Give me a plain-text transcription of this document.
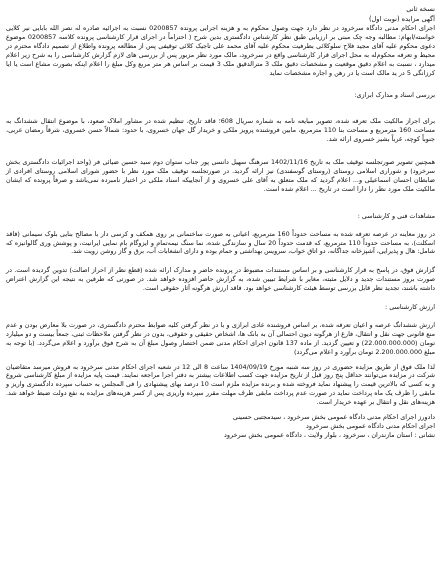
نسخه ثانی
آگهی مزایده (نوبت اول)

اجرای احکام مدنی دادگاه سرخرود در نظر دارد جهت وصول محکوم به و هزینه اجرایی پرونده 0200857 نسبت به اجرائیه صادره له نصر الله بابایی نیر کلایی خواسته/ابهام: مطالبه وجه چک مبنی بر ارزیابی طبق نظر کارشناس دادگستری بدین شرح ( احتراماً در اجرای قرار کارشناسی پرونده کلاسه 0200857 موضوع دعوی محکوم علیه آقای مجید فلاح سلوکلائی بطرفیت محکوم علیه آقای محمد علی تاجیک کلائی توقیفی پس از مطالعه پرونده واطلاع از تصمیم دادگاه محترم در محیط و تعرفه محکوم‌له به محل اجرای قرار کارشناسی واقع در سرخرود، مالک مورد نظر مزبور پس از بررسی های لازم گزارش کارشناسی را به شرح زیر اعلام میدارد ، نسبت به اعلام دقیق موقعیت و مشخصات دقیق ملک 3 مترالدقیق ملک 3 قیمت بر اساس هر متر مربع وکل مبلغ را اعلام اینکه بصورت مشاع است یا ایا کرزانگی 5 در ید مالک است یا در رهن و اجاره مشخصات نماید

بررسی اسناد و مدارک ابرازی:

برای اجراز مالکیت ملک تعرفه شده، تصویر مبایعه نامه به شماره سریال 608؛ فاقد تاریخ، تنظیم شده در مشاور املاک صعود، با موضوع انتقال ششدانگ به مساحت 160 مترمربع و مساحت بنا 110 مترمربع، مابین فروشنده پرویز ملکی و خریدار گل جهان خسروی، با حدود: شمالاً حسن خسروی، شرقاً رمضان عربی، جنوباً کوچه، غرباً بشیر خسروی ارائه شد.

همچنین تصویر صورتجلسه توقیف ملک به تاریخ 1402/11/16 سرهنگ سهیل دانسی پور جناب ستوان دوم سید حسین ضیائی فر (واحد اجرائیات دادگستری بخش سرخرود) و شوراری اسلامی روستای (روستای گوسفندی) نیز ارائه گردید. در صورتجلسه توقیف ملک مورد نظر با حضور شورای اسلامی روستای افرادی از ضابطان احسان اسماعیلی و... اعلام گردید که ملک متعلق به آقای علی خسروی و از آنجاییکه اسناد ملکی در اختیار نامبرده نمی‌باشد و صرفاً پرونده که ایشان مالکیت ملک مورد نظر را دارا است در تاریخ ... اعلام شده است.

مشاهدات فنی و کارشناسی :

در روز معاینه در عرصه تعرفه شده به مساحت حدوداً 160 مترمربع، اعیانی به صورت ساختمانی بر روی همکف و کرسی دار با مصالح بنایی بلوک سیمانی (فاقد اسکلت)، به مساحت حدوداً 110 مترمربع، که قدمت حدوداً 20 سال و سازندگی شده، نما سنگ نیمه‌تمام و ایزوگام بام نمایی ایرانیت، و پوشش وری گالوانیزه که شامل: هال و پذیرایی، آشپزخانه جداگانه، دو اتاق خواب، سرویس بهداشتی و حمام بوده و دارای انشعابات آب، برق و گاز روشن رویت شد.

گزارش فوق، در پاسخ به قرار کارشناسی و بر اساس مستندات مضبوط در پرونده حاضر و مدارک ارائه شده (قطع نظر از احراز اصالت) تدوین گردیده است. در صورت بروز مستندات جدید و دلایل مثبته، مغایر با شرایط تبیین شده، به گزارش حاضر افزوده خواهد شد. در صورتی که طرفین به نتیجه این گزارش اعتراض داشته باشند، تجدید نظر قابل بررسی توسط هیئت کارشناسی خواهد بود. فاقد ارزش هرگونه آثار حقوقی است.

ارزش کارشناسی :

ارزش ششدانگ عرصه و اعیان تعرفه شده، بر اساس فروشنده عادی ابرازی و با در نظر گرفتن کلیه ضوابط محترم دادگستری، در صورت بلا معارض بودن و عدم منع قانونی جهت نقل و انتقال، فارغ از هرگونه دیون احتمالی آن به بانک ها، اشخاص حقیقی و حقوقی، بدون در نظر گرفتن ملاحظات ثبتی، جمعاً بیست و دو میلیارد تومان (22.000.000.000) و تعیین گردید. از ماده 137 قانون اجرای احکام مدنی ضمن اختصار وصول مبلغ آن به شرح فوق برآورد و اعلام می‌گردد. (با توجه به مبلغ 2.200.000.000 تومان برآورد و اعلام می‌گردد)

لذا ملک فوق از طریق مزایده حضوری در روز سه شنبه مورخ 1404/09/19 ساعت 8 الی 12 در شعبه اجرای احکام مدنی سرخرود به فروش میرسد متقاضیان شرکت در مزایده می‌توانند حداقل پنج روز قبل از تاریخ مزایده جهت کسب اطلاعات بیشتر به دفتر اجرا مراجعه نمایند. قیمت پایه مزایده از مبلغ کارشناسی شروع و به کسی که بالاترین قیمت را پیشنهاد نماید فروخته شده و برنده مزایده ملزم است 10 درصد بهای پیشنهادی را فی المجلس به حساب سپرده دادگستری واریز و مابقی را ظرف یک ماه پرداخت نماید در صورت عدم پرداخت مابقی ظرف مهلت مقرر سپرده واریزی پس از کسر هزینه‌های مزایده به نفع دولت ضبط خواهد شد. هزینه‌های نقل و انتقال بر عهده خریدار است.

دادورز اجرای احکام مدنی دادگاه عمومی بخش سرخرود ، سیدمجتبی حسینی

اجرای احکام مدنی دادگاه عمومی بخش سرخرود

نشانی : استان مازندران ، سرخرود ، بلوار ولایت ، دادگاه عمومی بخش سرخرود
